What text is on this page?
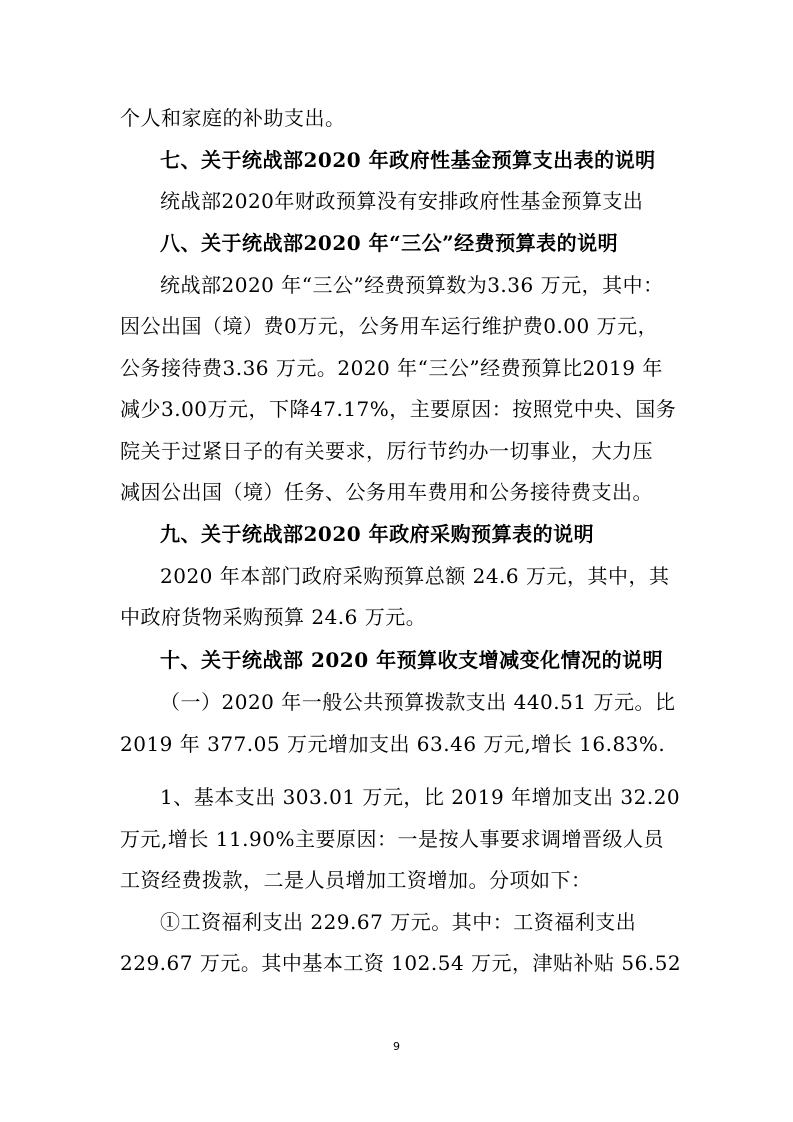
个人和家庭的补助支出。
七、关于统战部2020 年政府性基金预算支出表的说明
统战部2020年财政预算没有安排政府性基金预算支出
八、关于统战部2020 年“三公”经费预算表的说明
统战部2020 年“三公”经费预算数为3.36 万元，其中：
因公出国（境）费0万元，公务用车运行维护费0.00 万元，
公务接待费3.36 万元。2020 年“三公”经费预算比2019 年
减少3.00万元，下降47.17%，主要原因：按照党中央、国务
院关于过紧日子的有关要求，厉行节约办一切事业，大力压
减因公出国（境）任务、公务用车费用和公务接待费支出。
九、关于统战部2020 年政府采购预算表的说明
2020 年本部门政府采购预算总额 24.6 万元，其中，其
中政府货物采购预算 24.6 万元。
十、关于统战部 2020 年预算收支增减变化情况的说明
（一）2020 年一般公共预算拨款支出 440.51 万元。比
2019 年 377.05 万元增加支出 63.46 万元,增长 16.83%.
1、基本支出 303.01 万元，比 2019 年增加支出 32.20
万元,增长 11.90%主要原因：一是按人事要求调增晋级人员
工资经费拨款，二是人员增加工资增加。分项如下：
①工资福利支出 229.67 万元。其中：工资福利支出
229.67 万元。其中基本工资 102.54 万元，津贴补贴 56.52
9
